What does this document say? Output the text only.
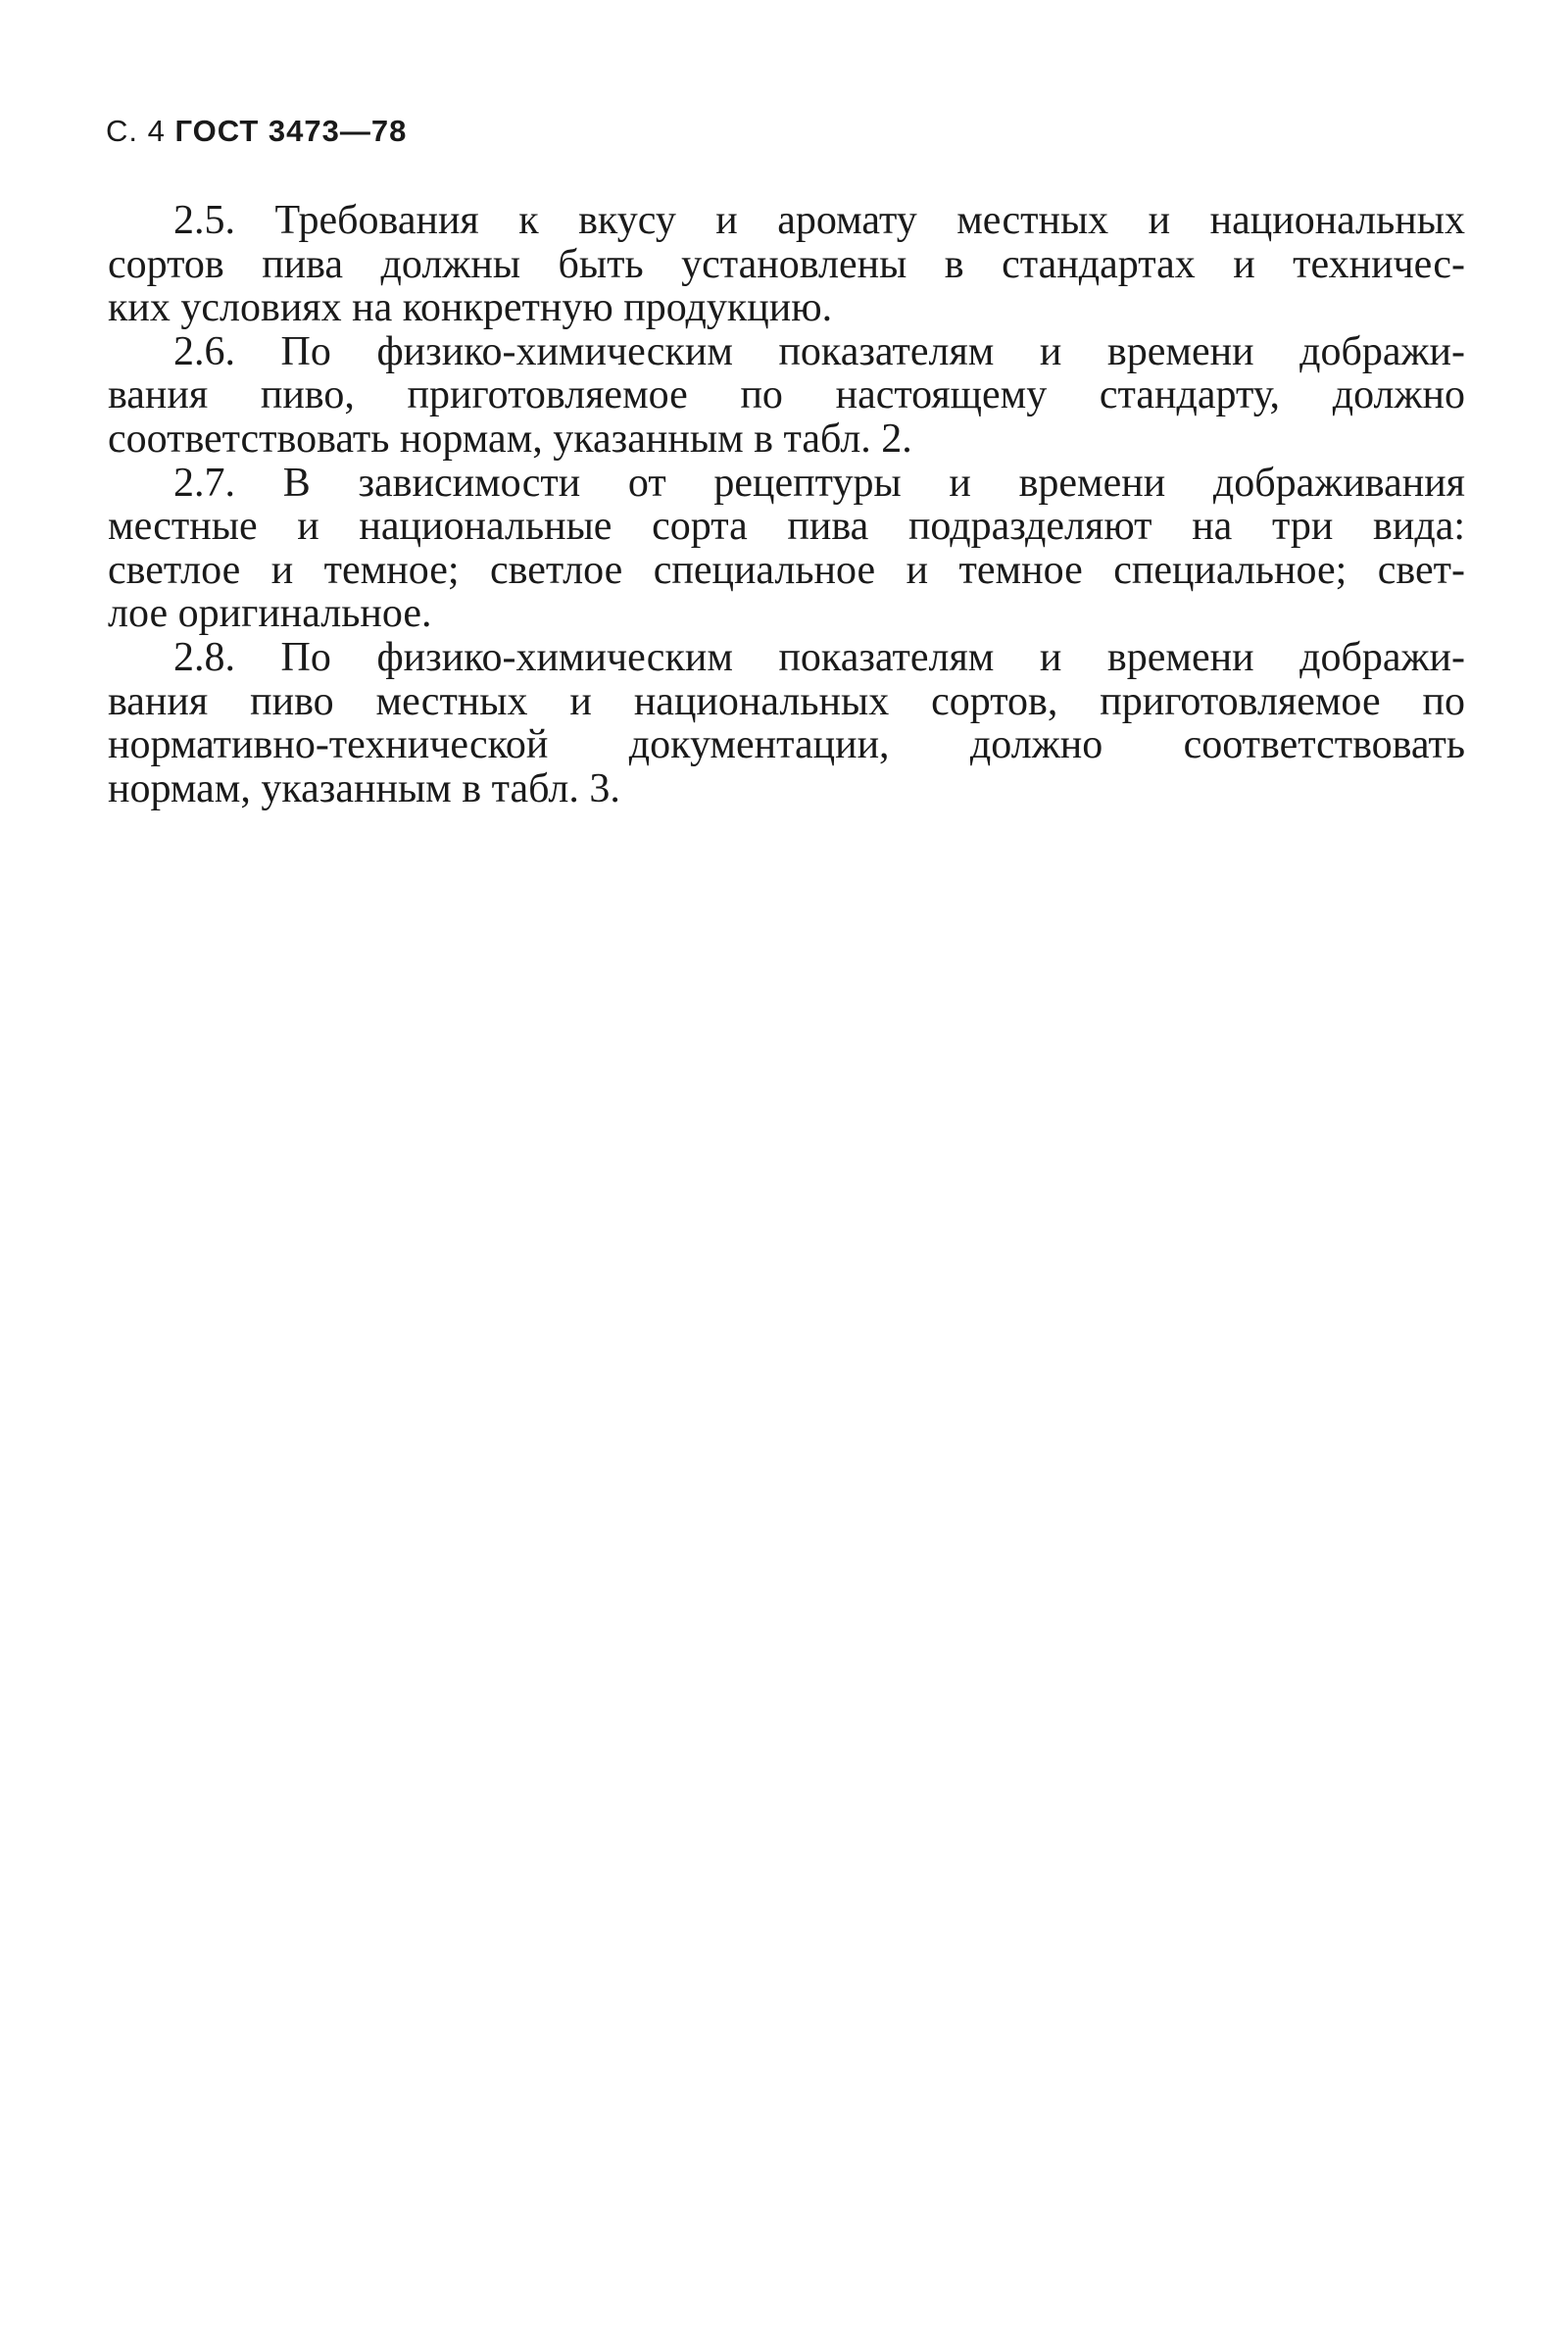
С. 4 ГОСТ 3473—78

2.5. Требования к вкусу и аромату местных и национальных
сортов пива должны быть установлены в стандартах и техничес-
ких условиях на конкретную продукцию.

2.6. По физико-химическим показателям и времени дображи-
вания пиво, приготовляемое по настоящему стандарту, должно
соответствовать нормам, указанным в табл. 2.

2.7. В зависимости от рецептуры и времени дображивания
местные и национальные сорта пива подразделяют на три вида:
светлое и темное; светлое специальное и темное специальное; свет-
лое оригинальное.

2.8. По физико-химическим показателям и времени дображи-
вания пиво местных и национальных сортов, приготовляемое по
нормативно-технической документации, должно соответствовать
нормам, указанным в табл. 3.
